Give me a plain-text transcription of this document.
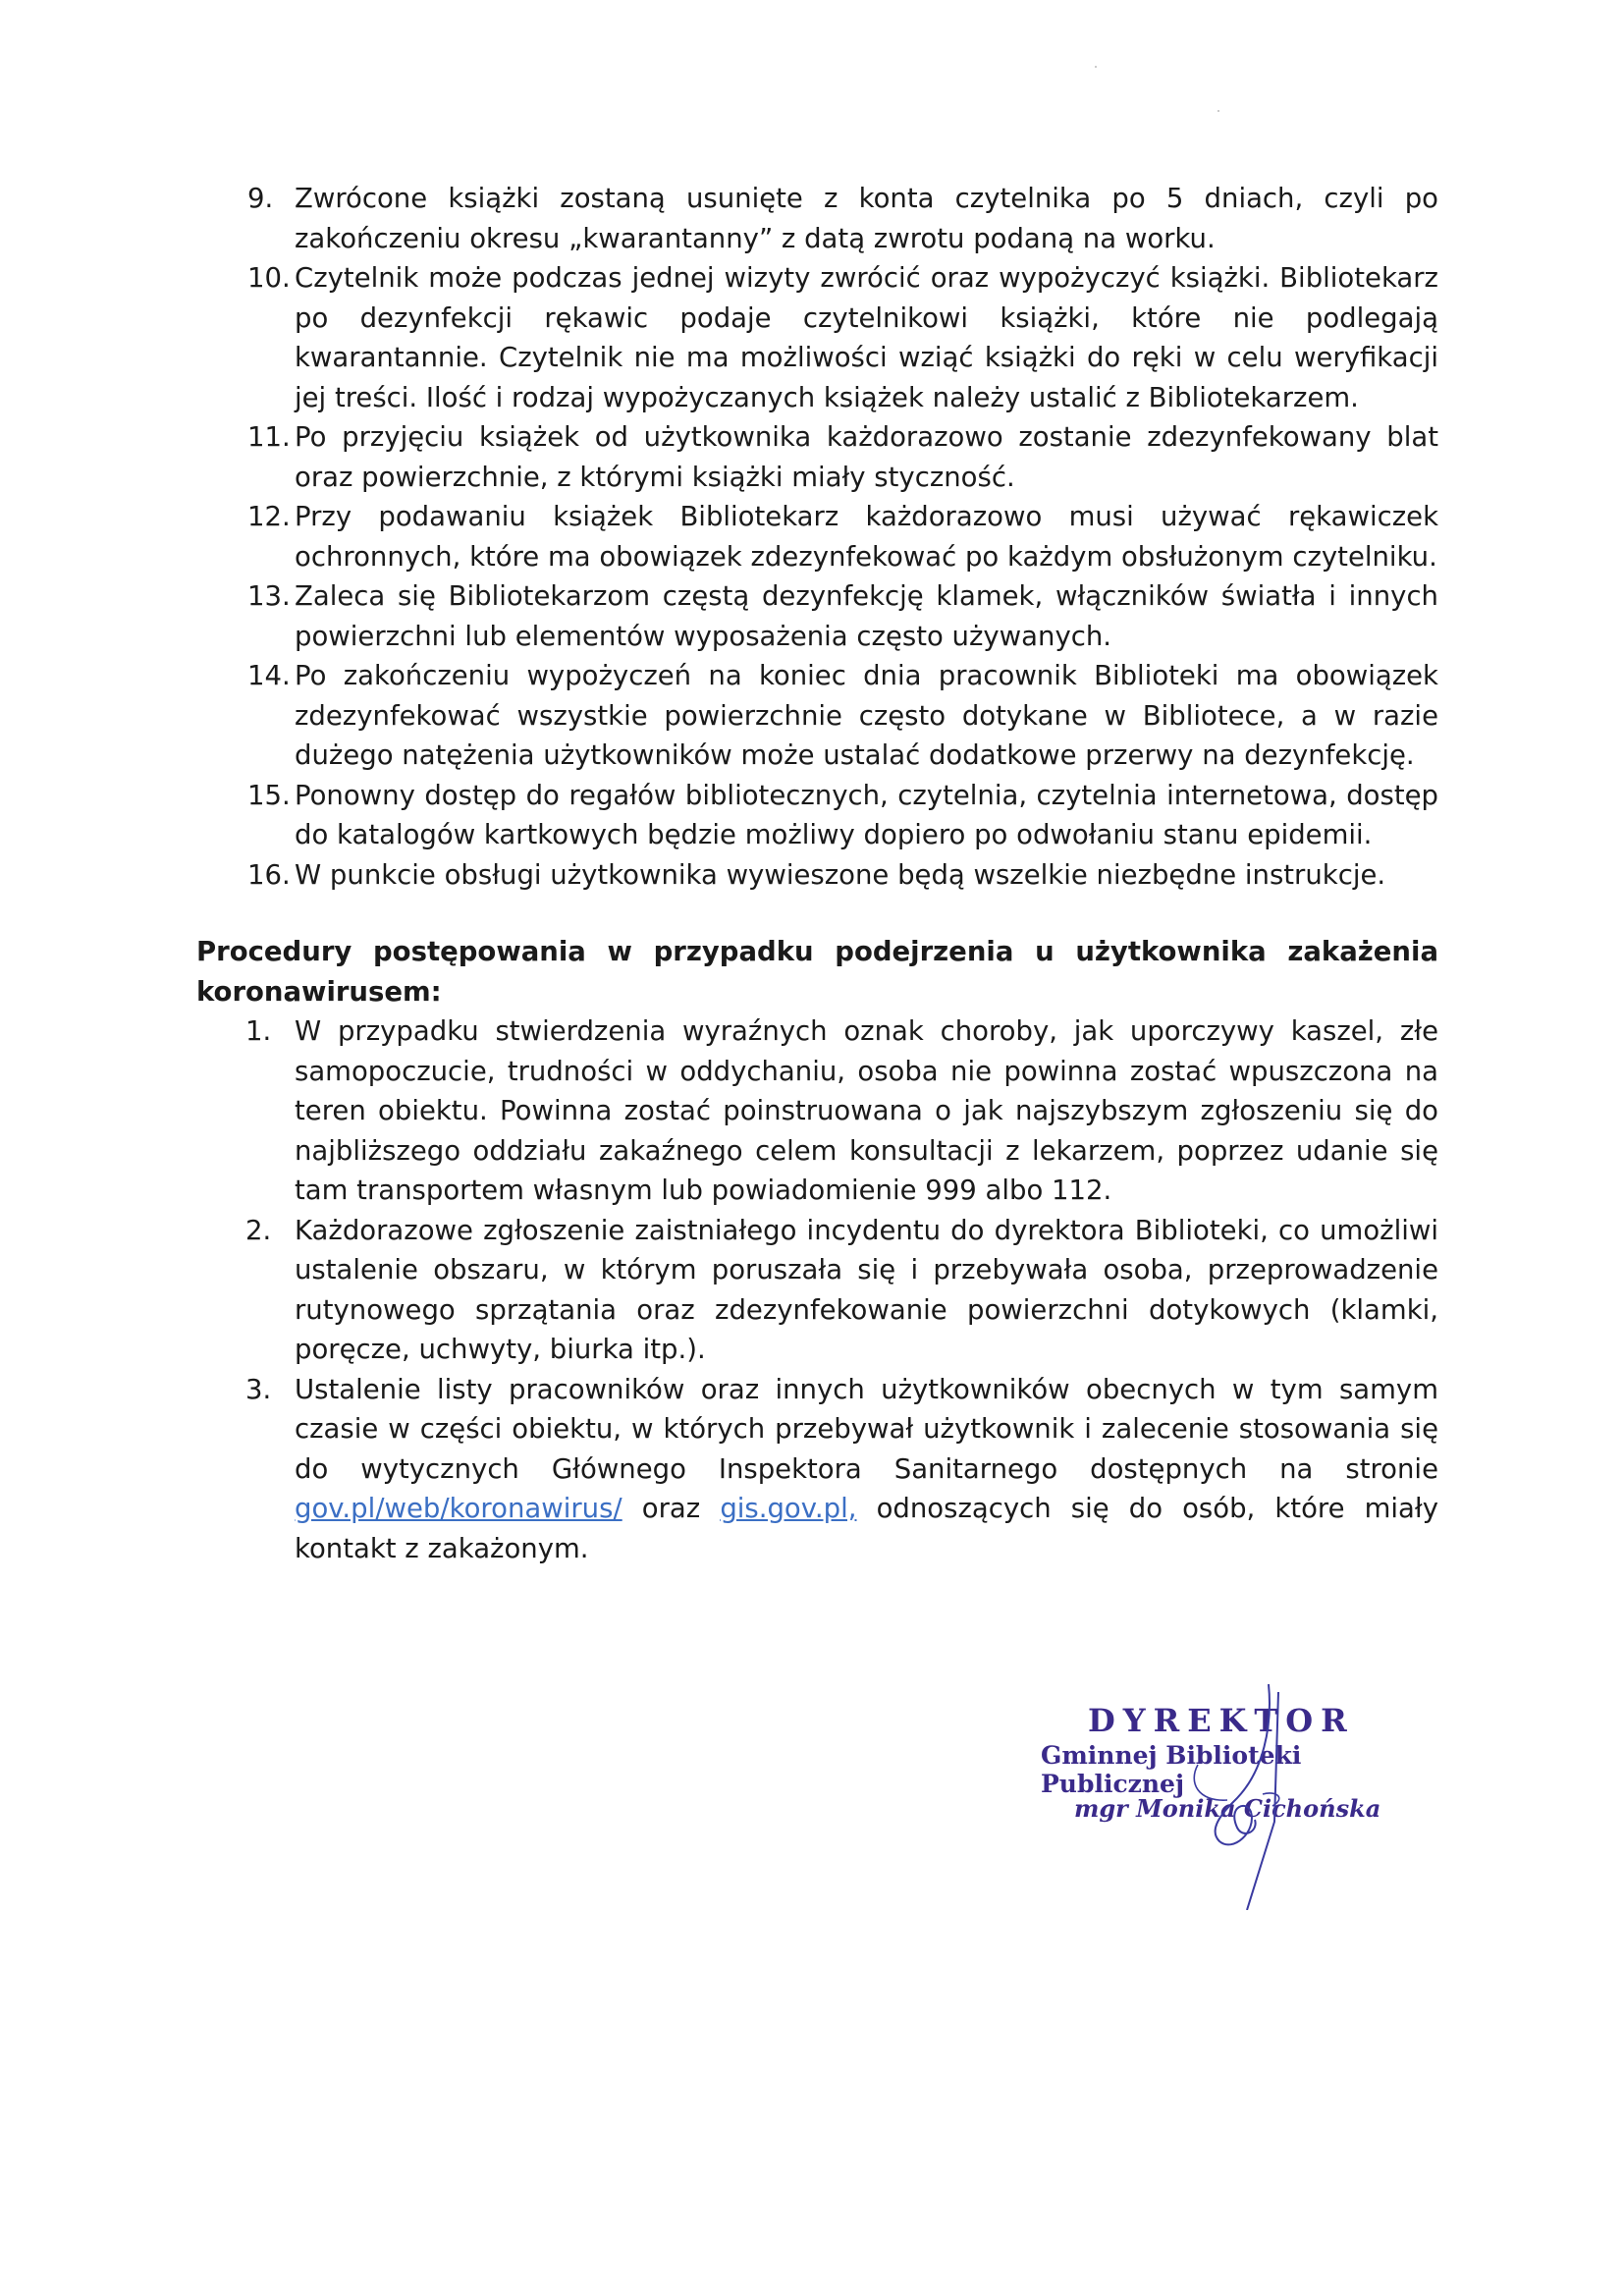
9. Zwrócone książki zostaną usunięte z konta czytelnika po 5 dniach, czyli po zakończeniu okresu „kwarantanny” z datą zwrotu podaną na worku.
10. Czytelnik może podczas jednej wizyty zwrócić oraz wypożyczyć książki. Bibliotekarz po dezynfekcji rękawic podaje czytelnikowi książki, które nie podlegają kwarantannie. Czytelnik nie ma możliwości wziąć książki do ręki w celu weryfikacji jej treści. Ilość i rodzaj wypożyczanych książek należy ustalić z Bibliotekarzem.
11. Po przyjęciu książek od użytkownika każdorazowo zostanie zdezynfekowany blat oraz powierzchnie, z którymi książki miały styczność.
12. Przy podawaniu książek Bibliotekarz każdorazowo musi używać rękawiczek ochronnych, które ma obowiązek zdezynfekować po każdym obsłużonym czytelniku.
13. Zaleca się Bibliotekarzom częstą dezynfekcję klamek, włączników światła i innych powierzchni lub elementów wyposażenia często używanych.
14. Po zakończeniu wypożyczeń na koniec dnia pracownik Biblioteki ma obowiązek zdezynfekować wszystkie powierzchnie często dotykane w Bibliotece, a w razie dużego natężenia użytkowników może ustalać dodatkowe przerwy na dezynfekcję.
15. Ponowny dostęp do regałów bibliotecznych, czytelnia, czytelnia internetowa, dostęp do katalogów kartkowych będzie możliwy dopiero po odwołaniu stanu epidemii.
16. W punkcie obsługi użytkownika wywieszone będą wszelkie niezbędne instrukcje.
Procedury postępowania w przypadku podejrzenia u użytkownika zakażenia koronawirusem:
1. W przypadku stwierdzenia wyraźnych oznak choroby, jak uporczywy kaszel, złe samopoczucie, trudności w oddychaniu, osoba nie powinna zostać wpuszczona na teren obiektu. Powinna zostać poinstruowana o jak najszybszym zgłoszeniu się do najbliższego oddziału zakaźnego celem konsultacji z lekarzem, poprzez udanie się tam transportem własnym lub powiadomienie 999 albo 112.
2. Każdorazowe zgłoszenie zaistniałego incydentu do dyrektora Biblioteki, co umożliwi ustalenie obszaru, w którym poruszała się i przebywała osoba, przeprowadzenie rutynowego sprzątania oraz zdezynfekowanie powierzchni dotykowych (klamki, poręcze, uchwyty, biurka itp.).
3. Ustalenie listy pracowników oraz innych użytkowników obecnych w tym samym czasie w części obiektu, w których przebywał użytkownik i zalecenie stosowania się do wytycznych Głównego Inspektora Sanitarnego dostępnych na stronie gov.pl/web/koronawirus/ oraz gis.gov.pl, odnoszących się do osób, które miały kontakt z zakażonym.
DYREKTOR
Gminnej Biblioteki Publicznej
mgr Monika Cichońska
